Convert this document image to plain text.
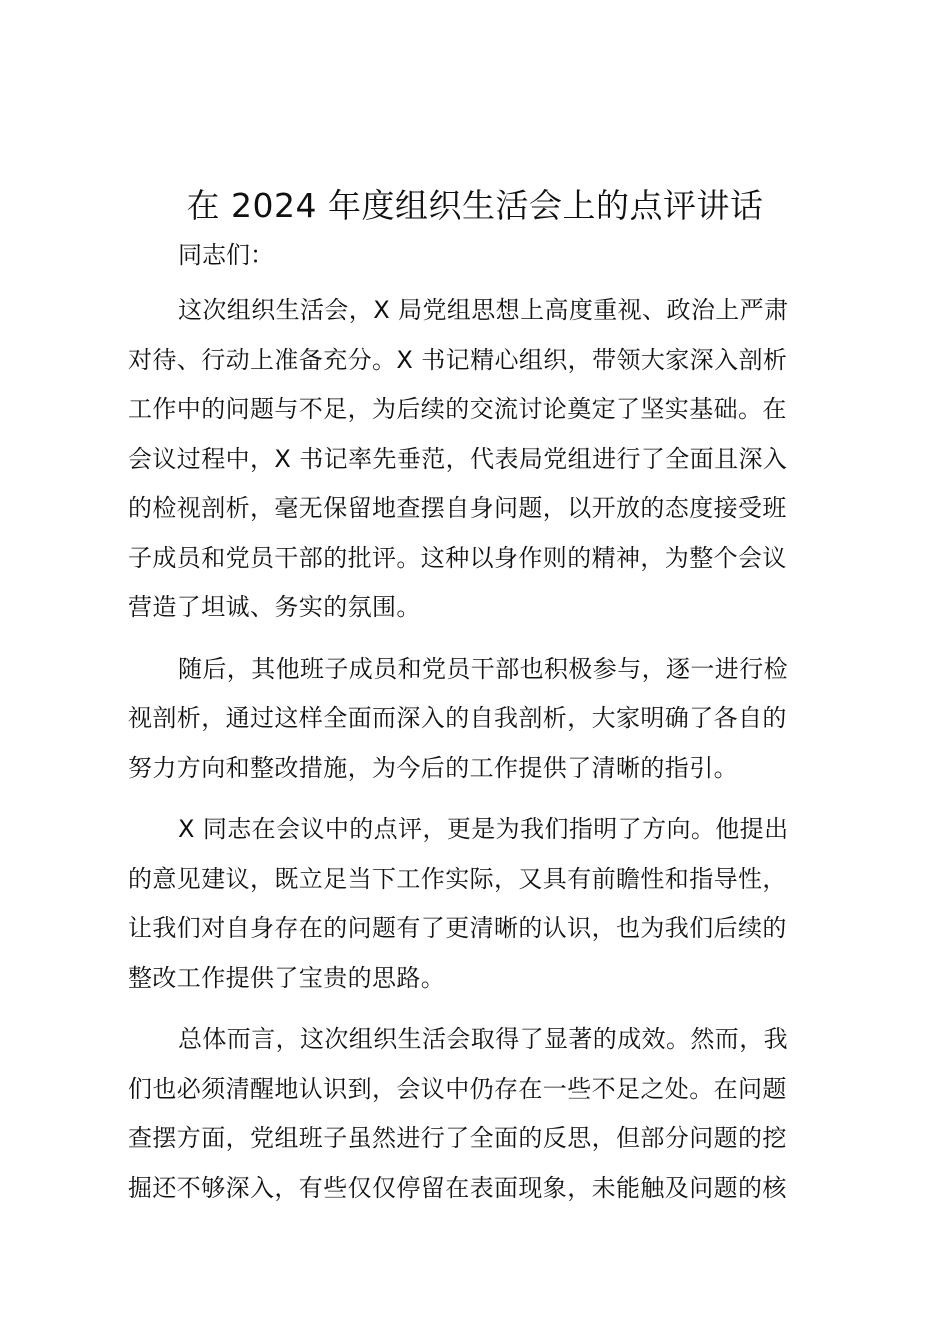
在 2024 年度组织生活会上的点评讲话

同志们：

这次组织生活会，X 局党组思想上高度重视、政治上严肃
对待、行动上准备充分。X 书记精心组织，带领大家深入剖析
工作中的问题与不足，为后续的交流讨论奠定了坚实基础。在
会议过程中，X 书记率先垂范，代表局党组进行了全面且深入
的检视剖析，毫无保留地查摆自身问题，以开放的态度接受班
子成员和党员干部的批评。这种以身作则的精神，为整个会议
营造了坦诚、务实的氛围。
随后，其他班子成员和党员干部也积极参与，逐一进行检
视剖析，通过这样全面而深入的自我剖析，大家明确了各自的
努力方向和整改措施，为今后的工作提供了清晰的指引。
X 同志在会议中的点评，更是为我们指明了方向。他提出
的意见建议，既立足当下工作实际，又具有前瞻性和指导性，
让我们对自身存在的问题有了更清晰的认识，也为我们后续的
整改工作提供了宝贵的思路。
总体而言，这次组织生活会取得了显著的成效。然而，我
们也必须清醒地认识到，会议中仍存在一些不足之处。在问题
查摆方面，党组班子虽然进行了全面的反思，但部分问题的挖
掘还不够深入，有些仅仅停留在表面现象，未能触及问题的核
